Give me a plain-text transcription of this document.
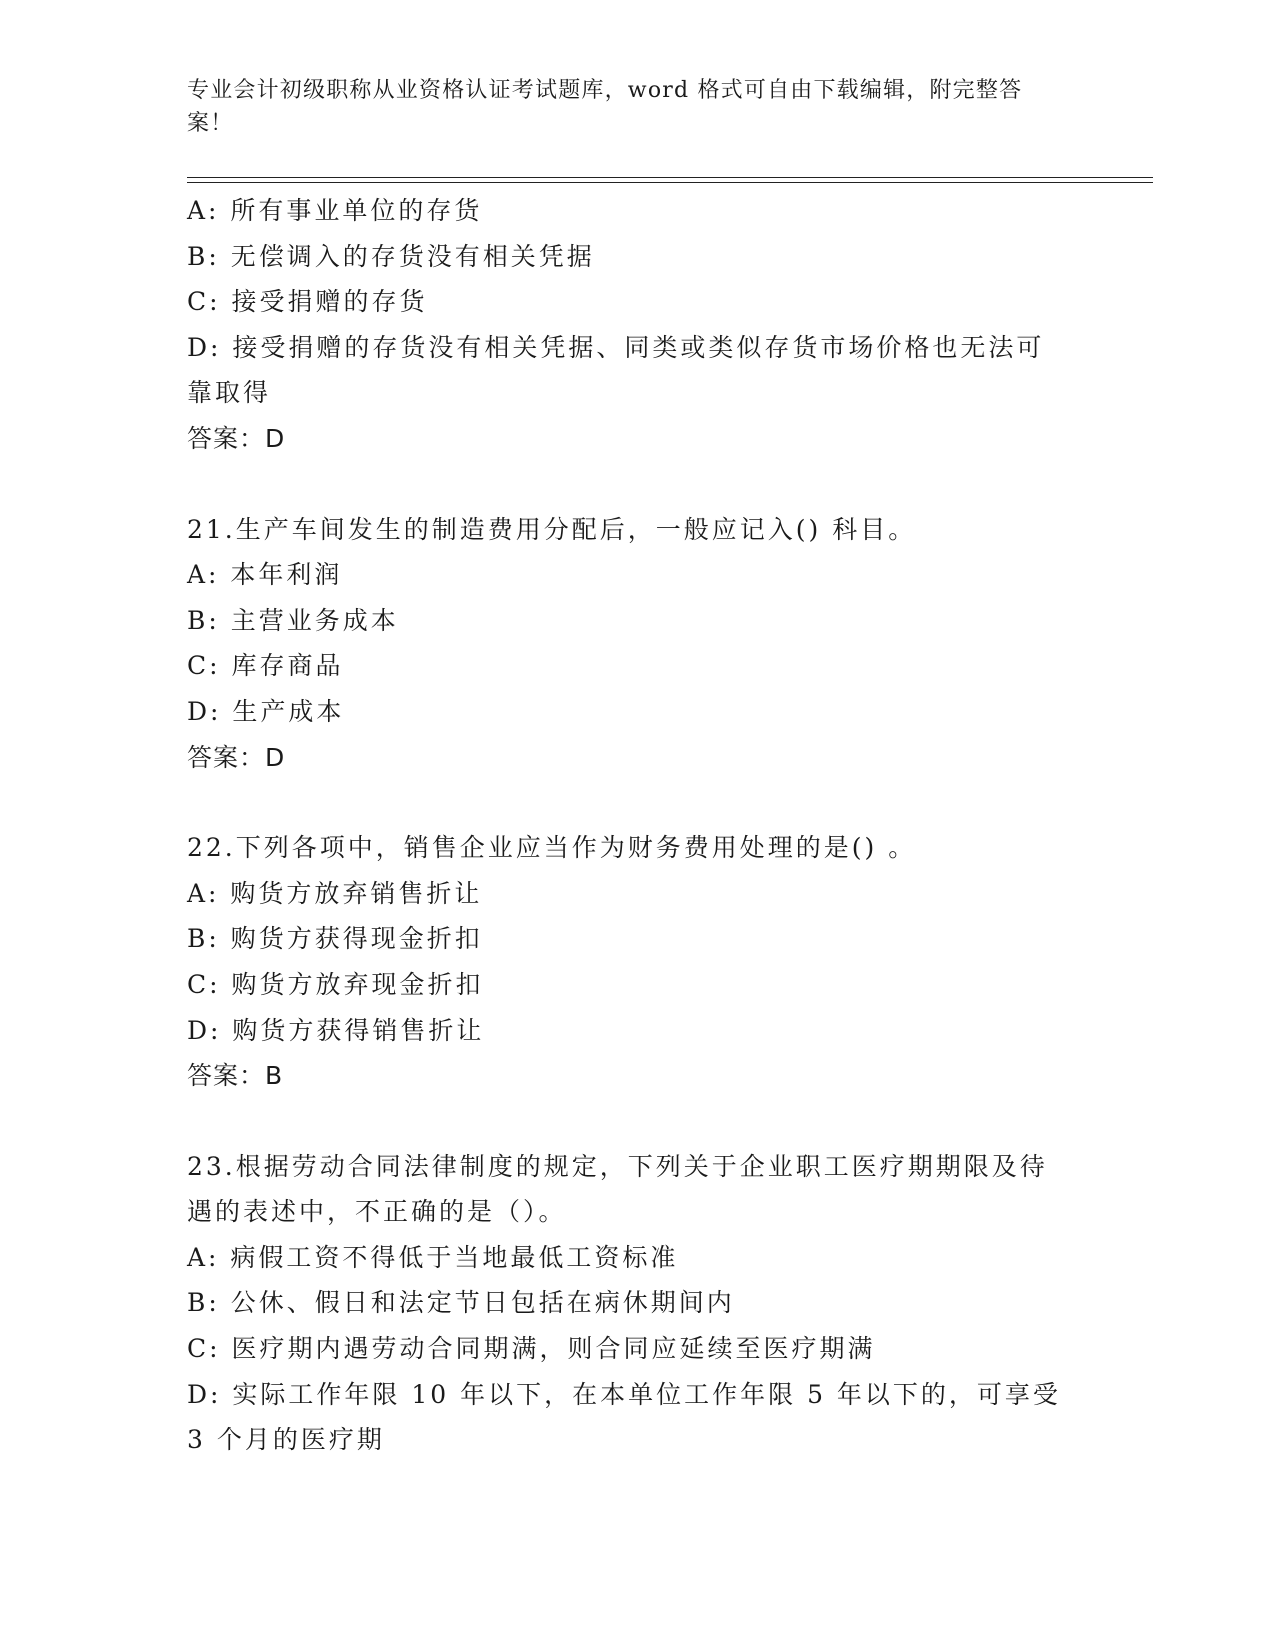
专业会计初级职称从业资格认证考试题库，word 格式可自由下载编辑，附完整答
案！
A: 所有事业单位的存货
B: 无偿调入的存货没有相关凭据
C: 接受捐赠的存货
D: 接受捐赠的存货没有相关凭据、同类或类似存货市场价格也无法可
靠取得
答案：D
21.生产车间发生的制造费用分配后，一般应记入() 科目。
A: 本年利润
B: 主营业务成本
C: 库存商品
D: 生产成本
答案：D
22.下列各项中，销售企业应当作为财务费用处理的是() 。
A: 购货方放弃销售折让
B: 购货方获得现金折扣
C: 购货方放弃现金折扣
D: 购货方获得销售折让
答案：B
23.根据劳动合同法律制度的规定，下列关于企业职工医疗期期限及待
遇的表述中，不正确的是（）。
A: 病假工资不得低于当地最低工资标准
B: 公休、假日和法定节日包括在病休期间内
C: 医疗期内遇劳动合同期满，则合同应延续至医疗期满
D: 实际工作年限 10 年以下，在本单位工作年限 5 年以下的，可享受
3 个月的医疗期
